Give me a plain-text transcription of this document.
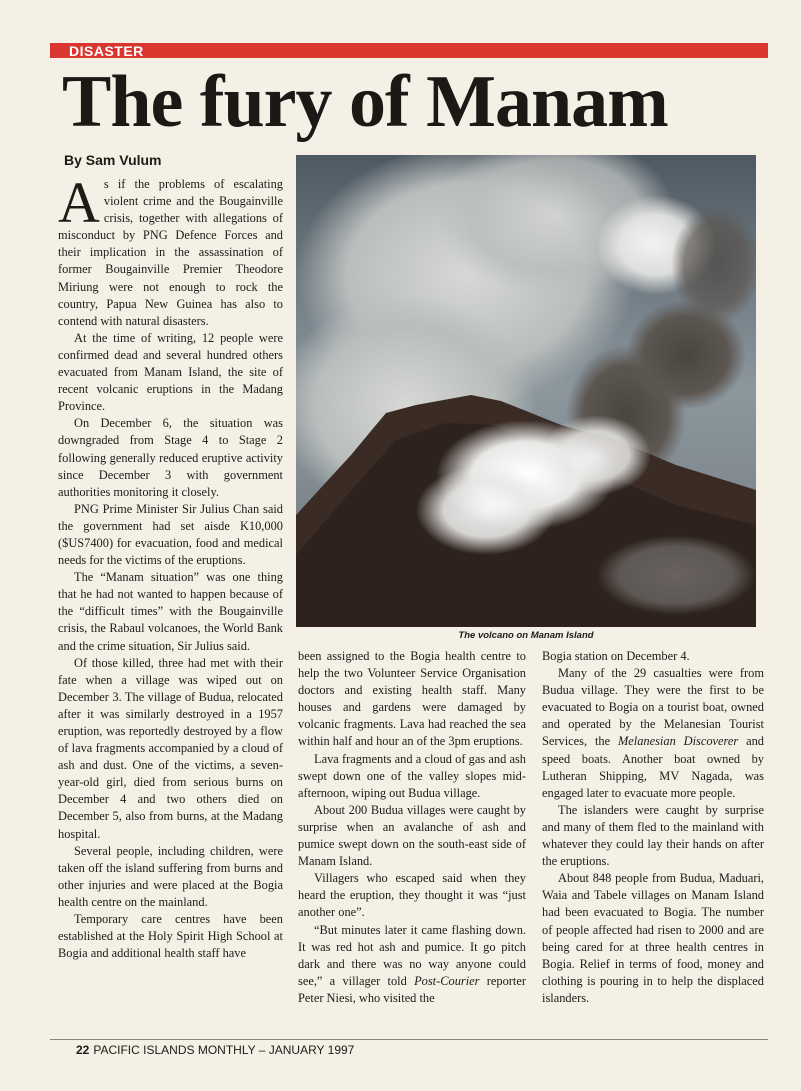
DISASTER
The fury of Manam
By Sam Vulum

As if the problems of escalating violent crime and the Bougainville crisis, together with allegations of misconduct by PNG Defence Forces and their implication in the assassination of former Bougainville Premier Theodore Miriung were not enough to rock the country, Papua New Guinea has also to contend with natural disasters.

At the time of writing, 12 people were confirmed dead and several hundred others evacuated from Manam Island, the site of recent volcanic eruptions in the Madang Province.

On December 6, the situation was downgraded from Stage 4 to Stage 2 following generally reduced eruptive activity since December 3 with government authorities monitoring it closely.

PNG Prime Minister Sir Julius Chan said the government had set aisde K10,000 ($US7400) for evacuation, food and medical needs for the victims of the eruptions.

The “Manam situation” was one thing that he had not wanted to happen because of the “difficult times” with the Bougainville crisis, the Rabaul volcanoes, the World Bank and the crime situation, Sir Julius said.

Of those killed, three had met with their fate when a village was wiped out on December 3. The village of Budua, relocated after it was similarly destroyed in a 1957 eruption, was reportedly destroyed by a flow of lava fragments accompanied by a cloud of ash and dust. One of the victims, a seven-year-old girl, died from serious burns on December 4 and two others died on December 5, also from burns, at the Madang hospital.

Several people, including children, were taken off the island suffering from burns and other injuries and were placed at the Bogia health centre on the mainland.

Temporary care centres have been established at the Holy Spirit High School at Bogia and additional health staff have

The volcano on Manam Island

been assigned to the Bogia health centre to help the two Volunteer Service Organisation doctors and existing health staff. Many houses and gardens were damaged by volcanic fragments. Lava had reached the sea within half and hour an of the 3pm eruptions.

Lava fragments and a cloud of gas and ash swept down one of the valley slopes mid-afternoon, wiping out Budua village.

About 200 Budua villages were caught by surprise when an avalanche of ash and pumice swept down on the south-east side of Manam Island.

Villagers who escaped said when they heard the eruption, they thought it was “just another one”.

“But minutes later it came flashing down. It was red hot ash and pumice. It go pitch dark and there was no way anyone could see,” a villager told Post-Courier reporter Peter Niesi, who visited the

Bogia station on December 4.

Many of the 29 casualties were from Budua village. They were the first to be evacuated to Bogia on a tourist boat, owned and operated by the Melanesian Tourist Services, the Melanesian Discoverer and speed boats. Another boat owned by Lutheran Shipping, MV Nagada, was engaged later to evacuate more people.

The islanders were caught by surprise and many of them fled to the mainland with whatever they could lay their hands on after the eruptions.

About 848 people from Budua, Maduari, Waia and Tabele villages on Manam Island had been evacuated to Bogia. The number of people affected had risen to 2000 and are being cared for at three health centres in Bogia. Relief in terms of food, money and clothing is pouring in to help the displaced islanders.

22 PACIFIC ISLANDS MONTHLY – JANUARY 1997
